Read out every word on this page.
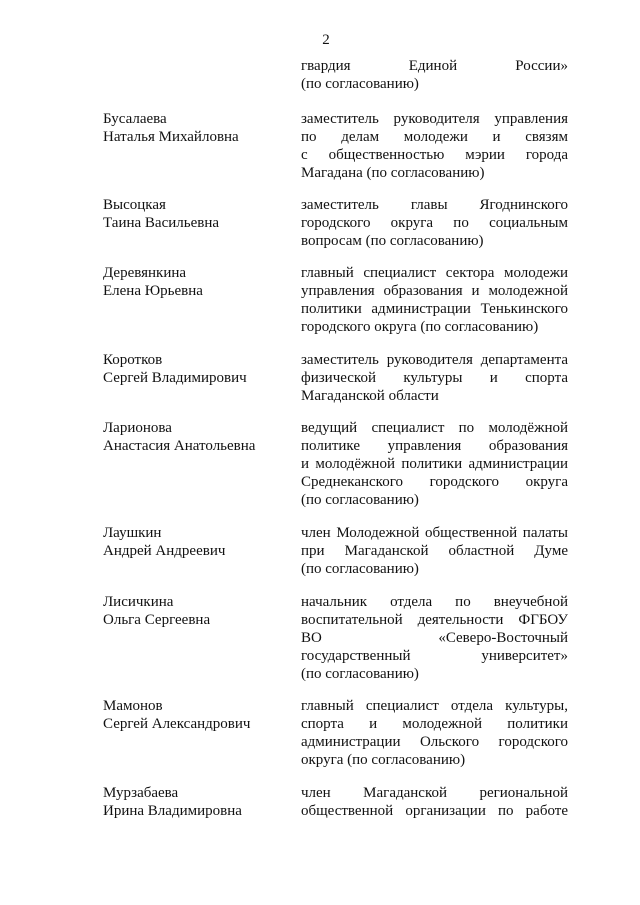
2
гвардия Единой России»
(по согласованию)
Бусалаева
Наталья Михайловна
заместитель руководителя управления
по делам молодежи и связям
с общественностью мэрии города
Магадана (по согласованию)
Высоцкая
Таина Васильевна
заместитель главы Ягоднинского
городского округа по социальным
вопросам (по согласованию)
Деревянкина
Елена Юрьевна
главный специалист сектора молодежи
управления образования и молодежной
политики администрации Тенькинского
городского округа (по согласованию)
Коротков
Сергей Владимирович
заместитель руководителя департамента
физической культуры и спорта
Магаданской области
Ларионова
Анастасия Анатольевна
ведущий специалист по молодёжной
политике управления образования
и молодёжной политики администрации
Среднеканского городского округа
(по согласованию)
Лаушкин
Андрей Андреевич
член Молодежной общественной палаты
при Магаданской областной Думе
(по согласованию)
Лисичкина
Ольга Сергеевна
начальник отдела по внеучебной
воспитательной деятельности ФГБОУ
ВО «Северо-Восточный
государственный университет»
(по согласованию)
Мамонов
Сергей Александрович
главный специалист отдела культуры,
спорта и молодежной политики
администрации Ольского городского
округа (по согласованию)
Мурзабаева
Ирина Владимировна
член Магаданской региональной
общественной организации по работе
